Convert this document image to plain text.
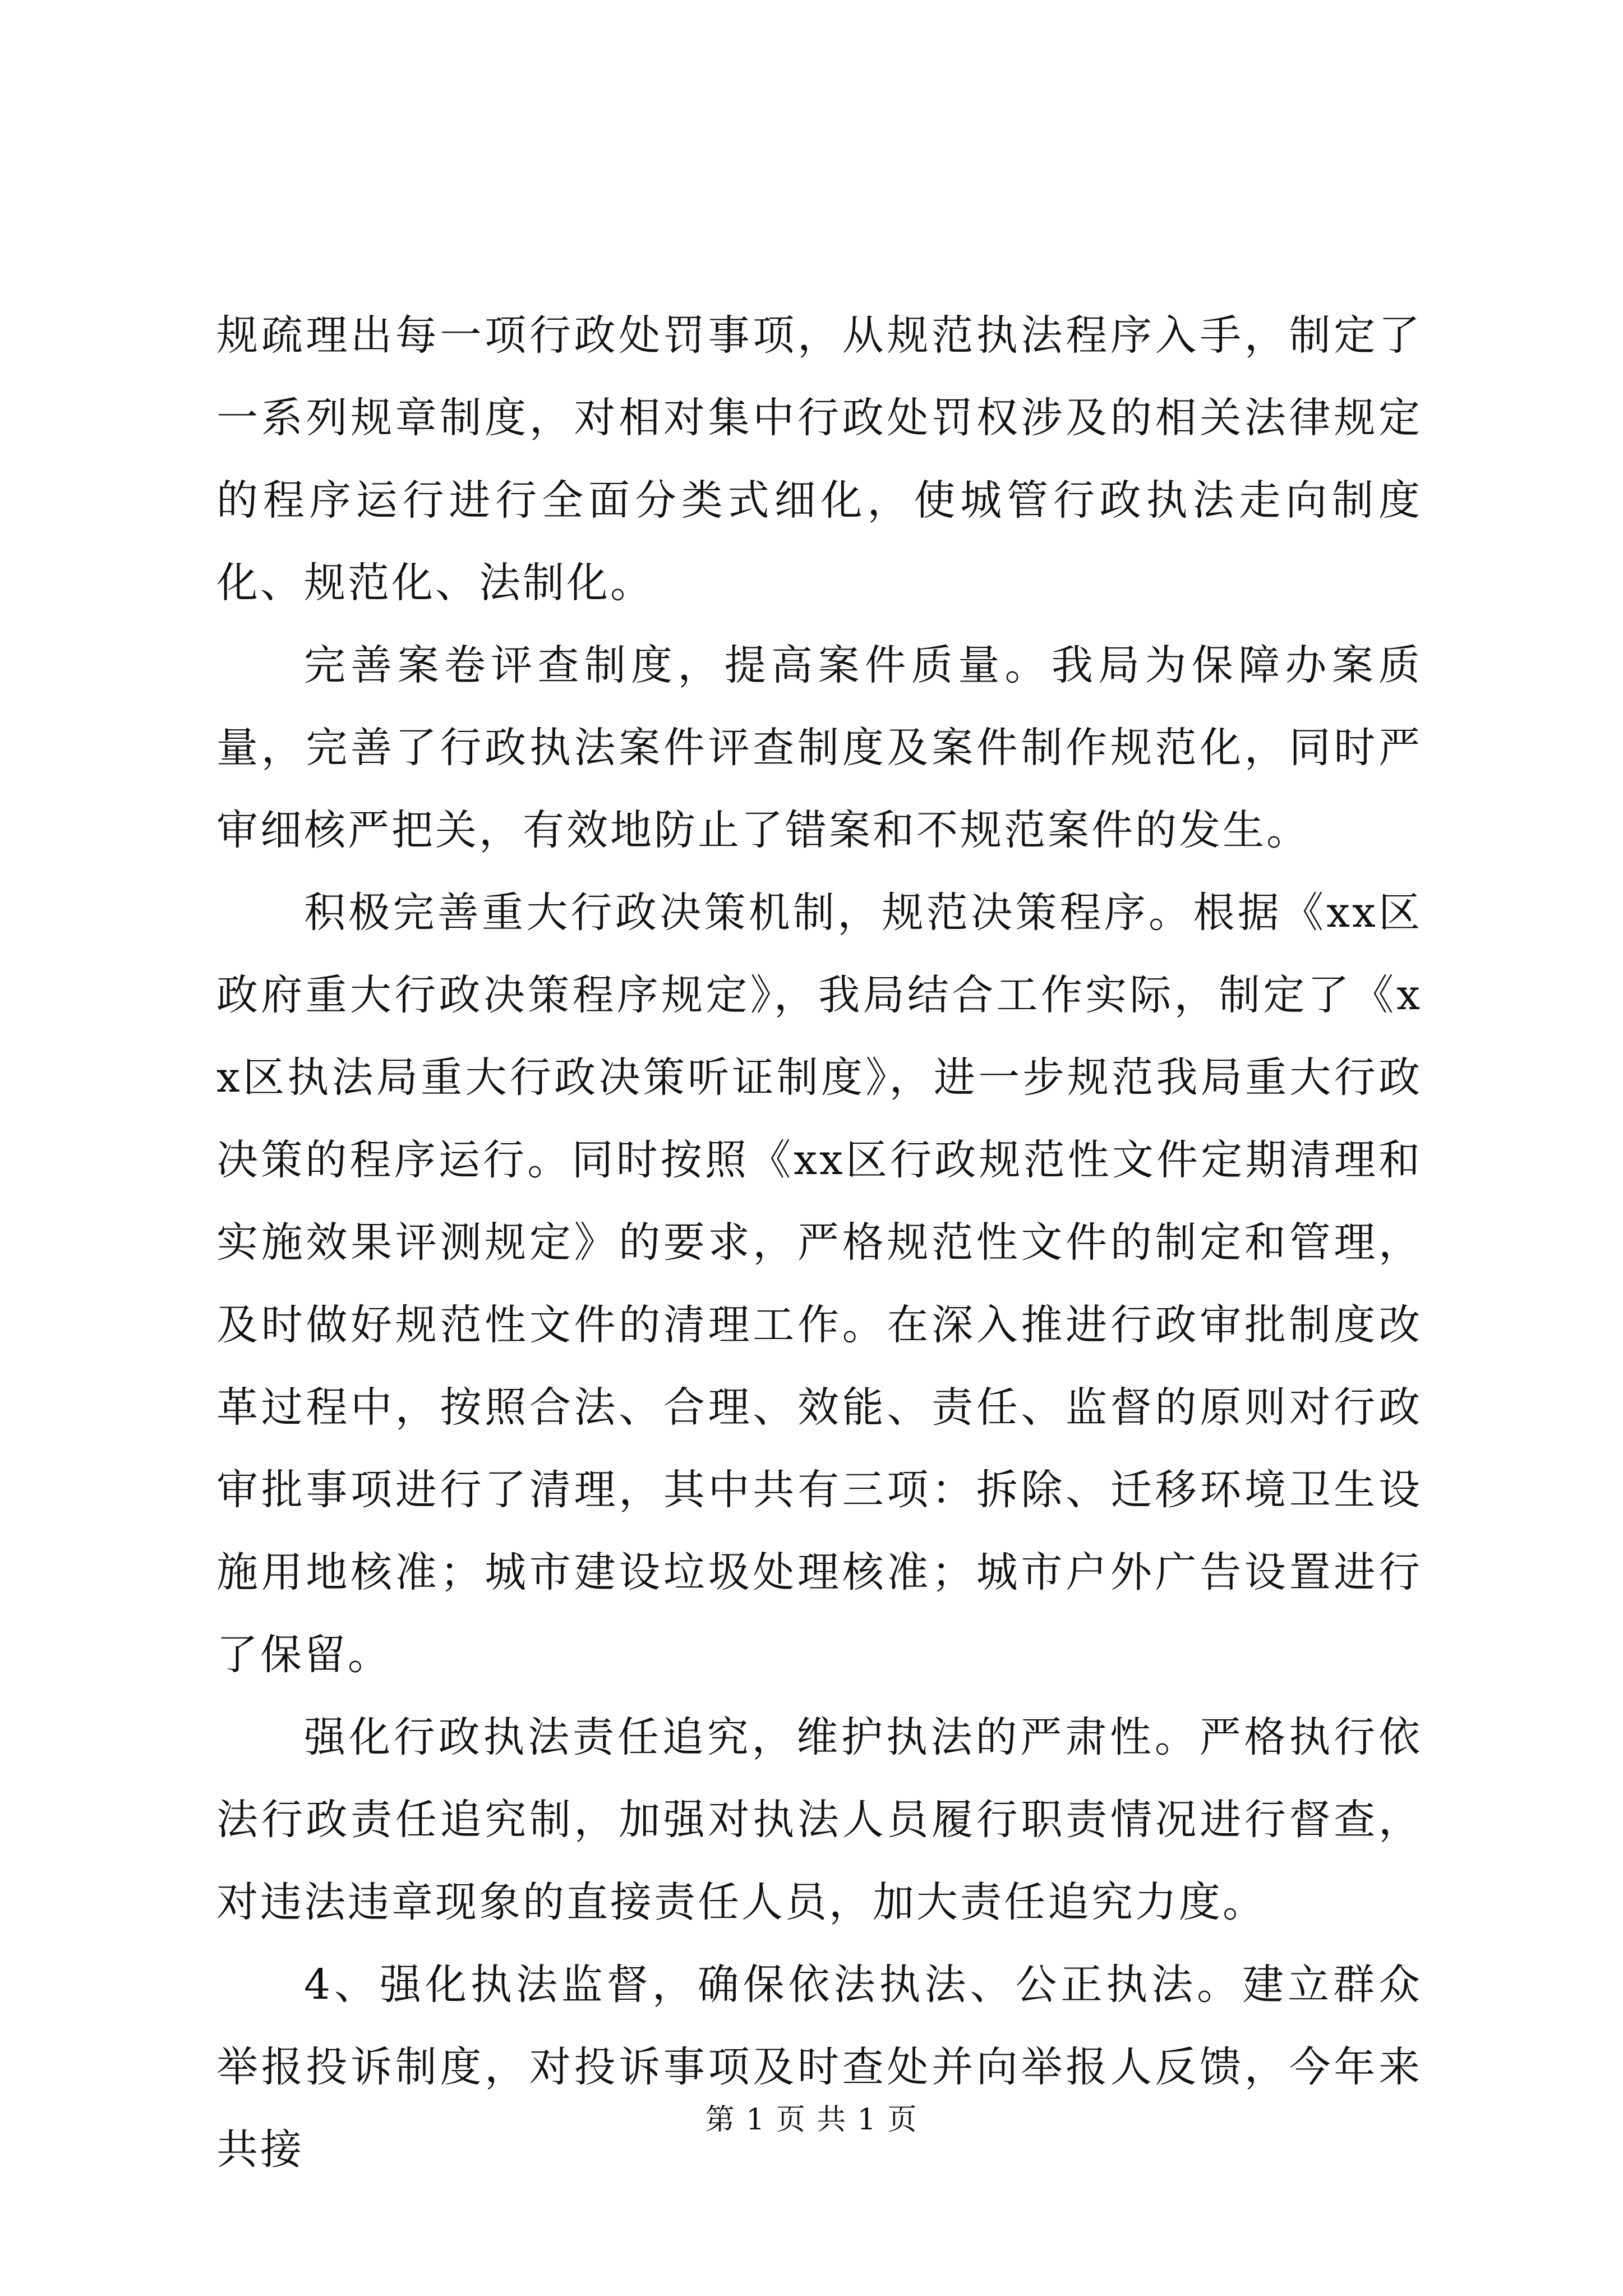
规疏理出每一项行政处罚事项，从规范执法程序入手，制定了一系列规章制度，对相对集中行政处罚权涉及的相关法律规定的程序运行进行全面分类式细化，使城管行政执法走向制度化、规范化、法制化。

完善案卷评查制度，提高案件质量。我局为保障办案质量，完善了行政执法案件评查制度及案件制作规范化，同时严审细核严把关，有效地防止了错案和不规范案件的发生。

积极完善重大行政决策机制，规范决策程序。根据《xx区政府重大行政决策程序规定》，我局结合工作实际，制定了《xx区执法局重大行政决策听证制度》，进一步规范我局重大行政决策的程序运行。同时按照《xx区行政规范性文件定期清理和实施效果评测规定》的要求，严格规范性文件的制定和管理，及时做好规范性文件的清理工作。在深入推进行政审批制度改革过程中，按照合法、合理、效能、责任、监督的原则对行政审批事项进行了清理，其中共有三项：拆除、迁移环境卫生设施用地核准；城市建设垃圾处理核准；城市户外广告设置进行了保留。

强化行政执法责任追究，维护执法的严肃性。严格执行依法行政责任追究制，加强对执法人员履行职责情况进行督查，对违法违章现象的直接责任人员，加大责任追究力度。

4、强化执法监督，确保依法执法、公正执法。建立群众举报投诉制度，对投诉事项及时查处并向举报人反馈，今年来共接

第 1 页 共 1 页
